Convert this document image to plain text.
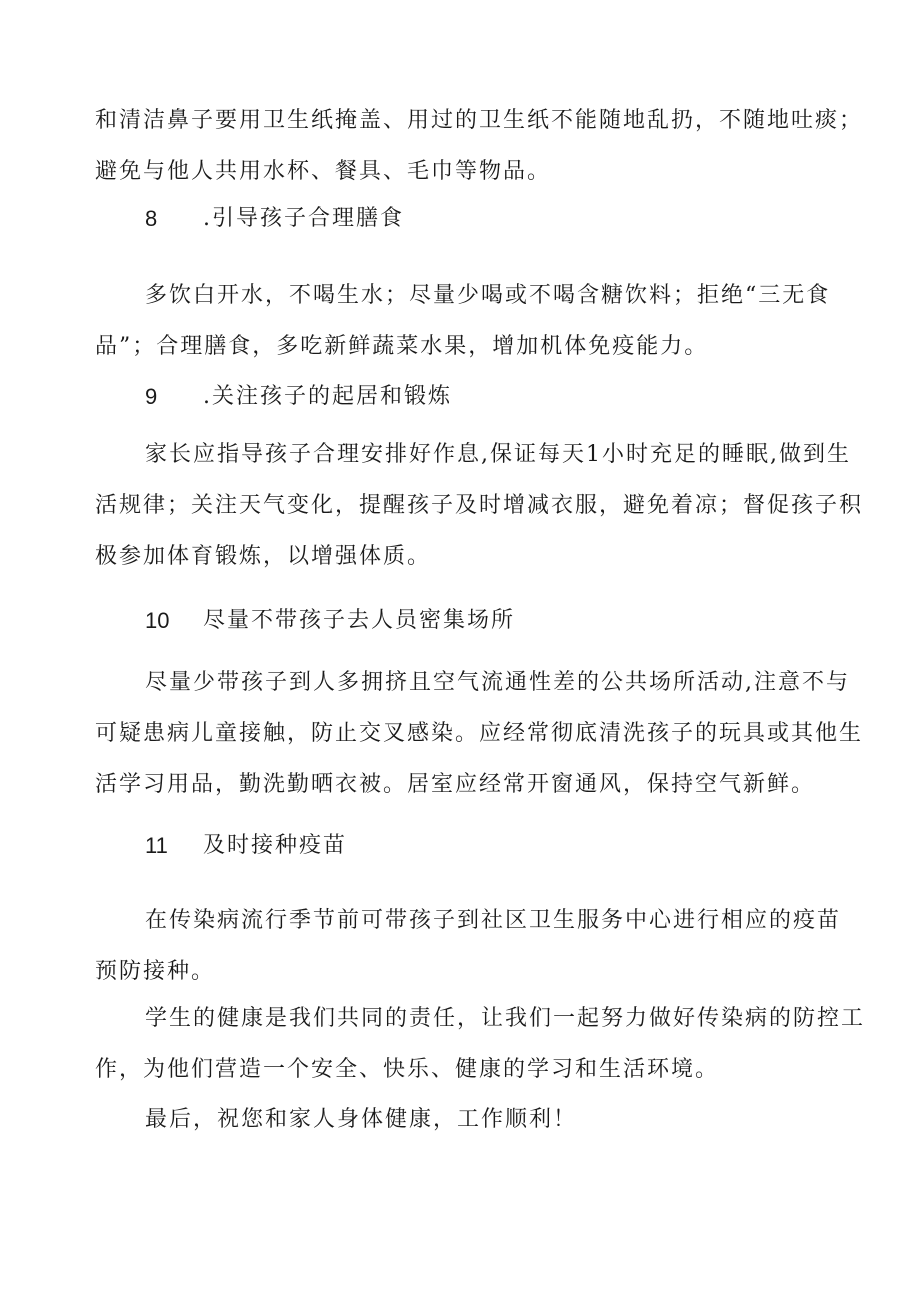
和清洁鼻子要用卫生纸掩盖、用过的卫生纸不能随地乱扔，不随地吐痰；
避免与他人共用水杯、餐具、毛巾等物品。
8 .引导孩子合理膳食
多饮白开水，不喝生水；尽量少喝或不喝含糖饮料；拒绝“三无食
品”；合理膳食，多吃新鲜蔬菜水果，增加机体免疫能力。
9 .关注孩子的起居和锻炼
家长应指导孩子合理安排好作息,保证每天1小时充足的睡眠,做到生
活规律；关注天气变化，提醒孩子及时增减衣服，避免着凉；督促孩子积
极参加体育锻炼，以增强体质。
10 尽量不带孩子去人员密集场所
尽量少带孩子到人多拥挤且空气流通性差的公共场所活动,注意不与
可疑患病儿童接触，防止交叉感染。应经常彻底清洗孩子的玩具或其他生
活学习用品，勤洗勤晒衣被。居室应经常开窗通风，保持空气新鲜。
11 及时接种疫苗
在传染病流行季节前可带孩子到社区卫生服务中心进行相应的疫苗
预防接种。
学生的健康是我们共同的责任，让我们一起努力做好传染病的防控工
作，为他们营造一个安全、快乐、健康的学习和生活环境。
最后，祝您和家人身体健康，工作顺利！
